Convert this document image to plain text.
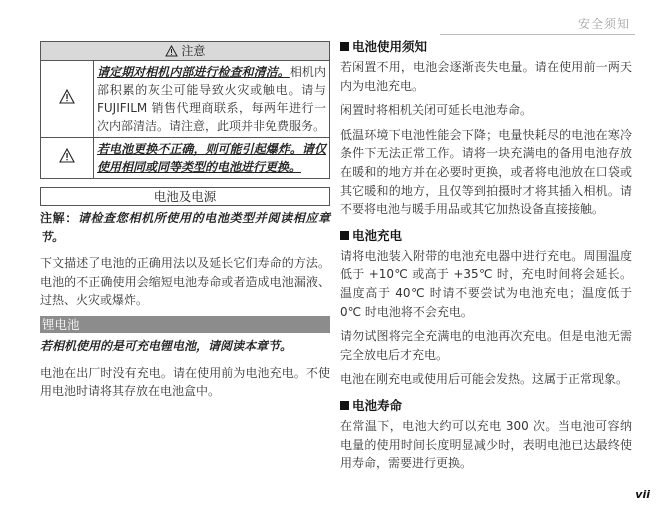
安全须知
注意	
	请定期对相机内部进行检查和清洁。相机内部积累的灰尘可能导致火灾或触电。请与 FUJIFILM 销售代理商联系，每两年进行一次内部清洁。请注意，此项并非免费服务。
	若电池更换不正确，则可能引起爆炸。请仅使用相同或同等类型的电池进行更换。
电池及电源

注解：请检查您相机所使用的电池类型并阅读相应章节。

下文描述了电池的正确用法以及延长它们寿命的方法。电池的不正确使用会缩短电池寿命或者造成电池漏液、过热、火灾或爆炸。

锂电池

若相机使用的是可充电锂电池，请阅读本章节。

电池在出厂时没有充电。请在使用前为电池充电。不使用电池时请将其存放在电池盒中。

电池使用须知

若闲置不用，电池会逐渐丧失电量。请在使用前一两天内为电池充电。

闲置时将相机关闭可延长电池寿命。

低温环境下电池性能会下降；电量快耗尽的电池在寒冷条件下无法正常工作。请将一块充满电的备用电池存放在暖和的地方并在必要时更换，或者将电池放在口袋或其它暖和的地方，且仅等到拍摄时才将其插入相机。请不要将电池与暖手用品或其它加热设备直接接触。

电池充电

请将电池装入附带的电池充电器中进行充电。周围温度低于 +10℃ 或高于 +35℃ 时，充电时间将会延长。温度高于 40℃ 时请不要尝试为电池充电；温度低于 0℃ 时电池将不会充电。

请勿试图将完全充满电的电池再次充电。但是电池无需完全放电后才充电。

电池在刚充电或使用后可能会发热。这属于正常现象。

电池寿命

在常温下，电池大约可以充电 300 次。当电池可容纳电量的使用时间长度明显减少时，表明电池已达最终使用寿命，需要进行更换。

vii
